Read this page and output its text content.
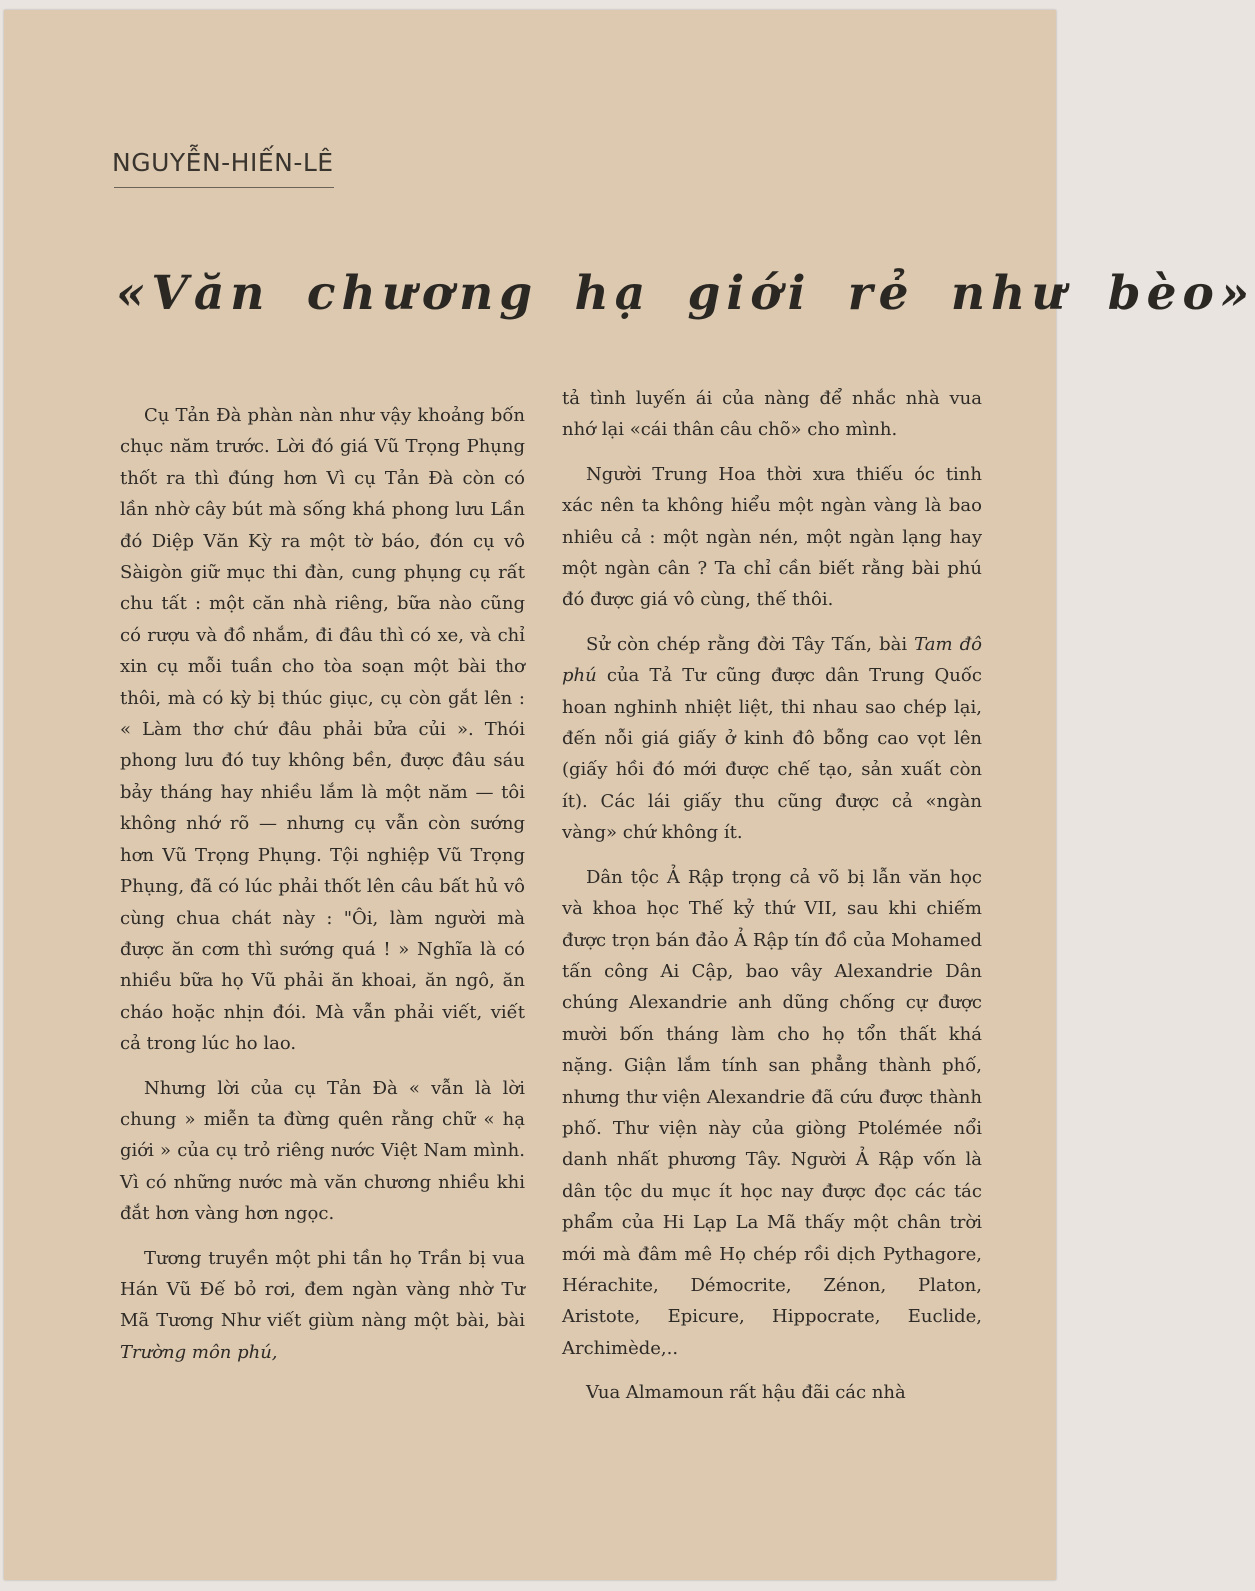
NGUYỄN-HIẾN-LÊ
«Văn chương hạ giới rẻ như bèo»

Cụ Tản Đà phàn nàn như vậy khoảng bốn chục năm trước. Lời đó giá Vũ Trọng Phụng thốt ra thì đúng hơn Vì cụ Tản Đà còn có lần nhờ cây bút mà sống khá phong lưu Lần đó Diệp Văn Kỳ ra một tờ báo, đón cụ vô Sàigòn giữ mục thi đàn, cung phụng cụ rất chu tất : một căn nhà riêng, bữa nào cũng có rượu và đồ nhắm, đi đâu thì có xe, và chỉ xin cụ mỗi tuần cho tòa soạn một bài thơ thôi, mà có kỳ bị thúc giục, cụ còn gắt lên : « Làm thơ chứ đâu phải bửa củi ». Thói phong lưu đó tuy không bền, được đâu sáu bảy tháng hay nhiều lắm là một năm — tôi không nhớ rõ — nhưng cụ vẫn còn sướng hơn Vũ Trọng Phụng. Tội nghiệp Vũ Trọng Phụng, đã có lúc phải thốt lên câu bất hủ vô cùng chua chát này : "Ôi, làm người mà được ăn cơm thì sướng quá ! » Nghĩa là có nhiều bữa họ Vũ phải ăn khoai, ăn ngô, ăn cháo hoặc nhịn đói. Mà vẫn phải viết, viết cả trong lúc ho lao.

Nhưng lời của cụ Tản Đà « vẫn là lời chung » miễn ta đừng quên rằng chữ « hạ giới » của cụ trỏ riêng nước Việt Nam mình. Vì có những nước mà văn chương nhiều khi đắt hơn vàng hơn ngọc.

Tương truyền một phi tần họ Trần bị vua Hán Vũ Đế bỏ rơi, đem ngàn vàng nhờ Tư Mã Tương Như viết giùm nàng một bài, bài Trường môn phú,

tả tình luyến ái của nàng để nhắc nhà vua nhớ lại «cái thân câu chõ» cho mình.

Người Trung Hoa thời xưa thiếu óc tinh xác nên ta không hiểu một ngàn vàng là bao nhiêu cả : một ngàn nén, một ngàn lạng hay một ngàn cân ? Ta chỉ cần biết rằng bài phú đó được giá vô cùng, thế thôi.

Sử còn chép rằng đời Tây Tấn, bài Tam đô phú của Tả Tư cũng được dân Trung Quốc hoan nghinh nhiệt liệt, thi nhau sao chép lại, đến nỗi giá giấy ở kinh đô bỗng cao vọt lên (giấy hồi đó mới được chế tạo, sản xuất còn ít). Các lái giấy thu cũng được cả «ngàn vàng» chứ không ít.

Dân tộc Ả Rập trọng cả võ bị lẫn văn học và khoa học Thế kỷ thứ VII, sau khi chiếm được trọn bán đảo Ả Rập tín đồ của Mohamed tấn công Ai Cập, bao vây Alexandrie Dân chúng Alexandrie anh dũng chống cự được mười bốn tháng làm cho họ tổn thất khá nặng. Giận lắm tính san phẳng thành phố, nhưng thư viện Alexandrie đã cứu được thành phố. Thư viện này của giòng Ptolémée nổi danh nhất phương Tây. Người Ả Rập vốn là dân tộc du mục ít học nay được đọc các tác phẩm của Hi Lạp La Mã thấy một chân trời mới mà đâm mê Họ chép rồi dịch Pythagore, Hérachite, Démocrite, Zénon, Platon, Aristote, Epicure, Hippocrate, Euclide, Archimède,..

Vua Almamoun rất hậu đãi các nhà
